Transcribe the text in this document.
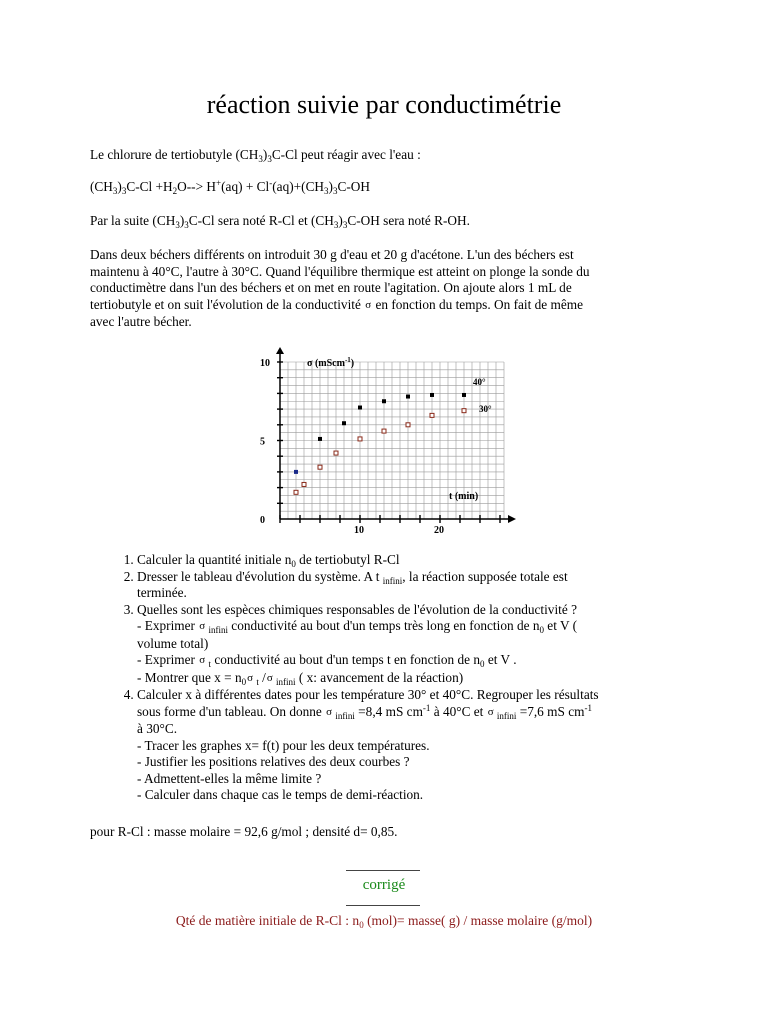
réaction suivie par conductimétrie

Le chlorure de tertiobutyle $(CH_3)_3C-Cl$ peut réagir avec l'eau :

$(CH_3)_3C-Cl +H_2O--> H^+(aq) + Cl^-(aq)+(CH_3)_3C-OH$

Par la suite $(CH_3)_3C-Cl$ sera noté R-Cl et $(CH_3)_3C-OH$ sera noté R-OH.

Dans deux béchers différents on introduit 30 g d'eau et 20 g d'acétone. L'un des béchers est
maintenu à 40°C, l'autre à 30°C. Quand l'équilibre thermique est atteint on plonge la sonde du
conductimètre dans l'un des béchers et on met en route l'agitation. On ajoute alors 1 mL de
tertiobutyle et on suit l'évolution de la conductivité σ en fonction du temps. On fait de même
avec l'autre bécher.

10	20
0
5
10	σ (mScm$^{-1}$)
t (min)
40°
30°
1. Calculer la quantité initiale $n_0$ de tertiobutyl R-Cl
2. Dresser le tableau d'évolution du système. A t $_{infini}$, la réaction supposée totale est
terminée.
3. Quelles sont les espèces chimiques responsables de l'évolution de la conductivité ?
- Exprimer σ $_{infini}$ conductivité au bout d'un temps très long en fonction de $n_0$ et V (
volume total)
- Exprimer σ $_t$ conductivité au bout d'un temps t en fonction de $n_0$ et V .
- Montrer que $x = n_0\sigma$ $_t$ /σ $_{infini}$ ( x: avancement de la réaction)
4. Calculer x à différentes dates pour les température 30° et 40°C. Regrouper les résultats
sous forme d'un tableau. On donne σ $_{infini}$ =8,4 mS $cm^{-1}$ à 40°C et σ $_{infini}$ =7,6 mS $cm^{-1}$
à 30°C.
- Tracer les graphes x= f(t) pour les deux températures.
- Justifier les positions relatives des deux courbes ?
- Admettent-elles la même limite ?
- Calculer dans chaque cas le temps de demi-réaction.

pour R-Cl : masse molaire = 92,6 g/mol ; densité d= 0,85.

corrigé
Qté de matière initiale de R-Cl : $n_0$ (mol)= masse( g) / masse molaire (g/mol)
